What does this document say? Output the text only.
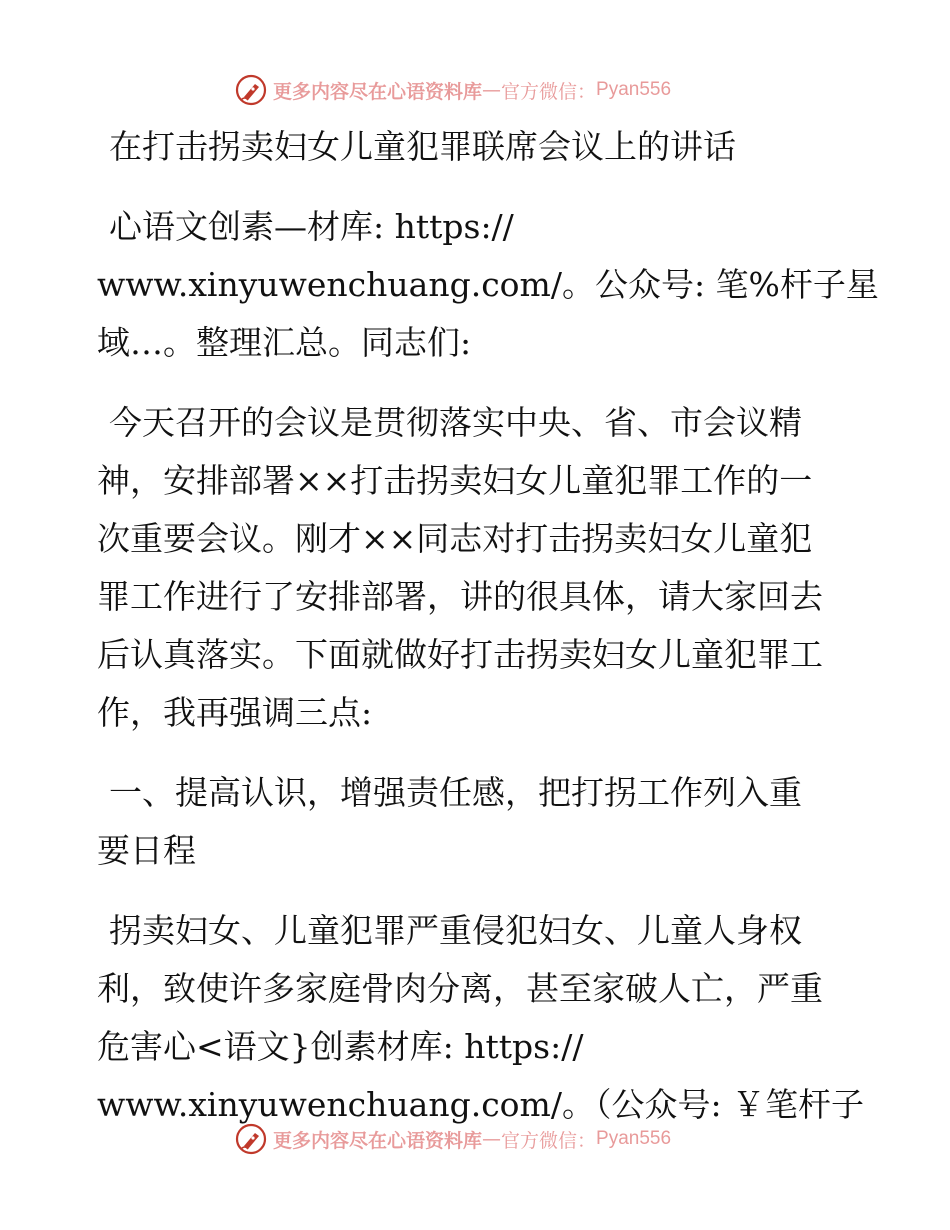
更多内容尽在心语资料库 — 官方微信： Pyan556
在打击拐卖妇女儿童犯罪联席会议上的讲话
心语文创素—材库: https://
www.xinyuwenchuang.com/。公众号: 笔%杆子星
域…。整理汇总。同志们:
今天召开的会议是贯彻落实中央、省、市会议精
神，安排部署××打击拐卖妇女儿童犯罪工作的一
次重要会议。刚才××同志对打击拐卖妇女儿童犯
罪工作进行了安排部署，讲的很具体，请大家回去
后认真落实。下面就做好打击拐卖妇女儿童犯罪工
作，我再强调三点:
一、提高认识，增强责任感，把打拐工作列入重
要日程
拐卖妇女、儿童犯罪严重侵犯妇女、儿童人身权
利，致使许多家庭骨肉分离，甚至家破人亡，严重
危害心<语文}创素材库: https://
www.xinyuwenchuang.com/。（公众号: ￥笔杆子
更多内容尽在心语资料库 — 官方微信： Pyan556
